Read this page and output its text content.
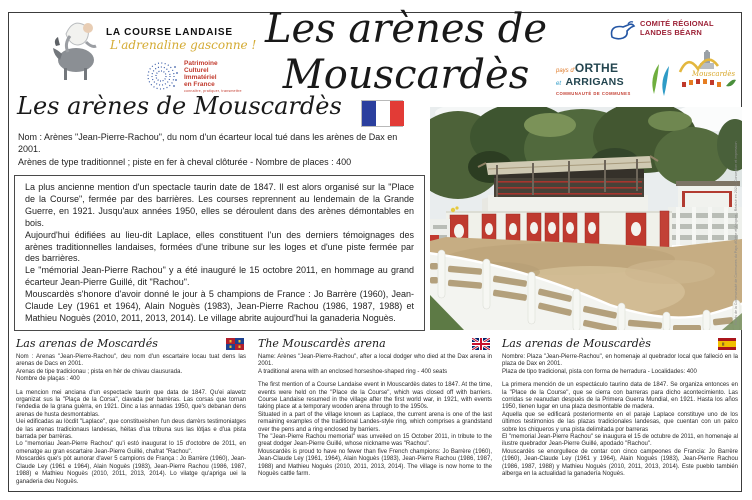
LA COURSE LANDAISE
L'adrenaline gasconne !
Patrimoine
Culturel
Immatériel
en France
connaître, pratiquer, transmettre
Les arènes de Mouscardès
COMITÉ RÉGIONAL
LANDES BÉARN
pays d'ORTHE
et ARRIGANS
COMMUNAUTÉ DE COMMUNES
Mouscardès
Les arènes de Mouscardès
Nom : Arènes "Jean-Pierre-Rachou", du nom d'un écarteur local tué dans les arènes de Dax en 2001.
Arènes de type traditionnel ; piste en fer à cheval clôturée - Nombre de places : 400

La plus ancienne mention d'un spectacle taurin date de 1847. Il est alors organisé sur la "Place de la Course", fermée par des barrières. Les courses reprennent au lendemain de la Grande Guerre, en 1921. Jusqu'aux années 1950, elles se déroulent dans des arènes démontables en bois.

Aujourd'hui édifiées au lieu-dit Laplace, elles constituent l'un des derniers témoignages des arènes traditionnelles landaises, formées d'une tribune sur les loges et d'une piste fermée par des barrières.

Le "mémorial Jean-Pierre Rachou" y a été inauguré le 15 octobre 2011, en hommage au grand écarteur Jean-Pierre Guillé, dit "Rachou".

Mouscardès s'honore d'avoir donné le jour à 5 champions de France : Jo Barrère (1960), Jean-Claude Ley (1961 et 1964), Alain Noguès (1983), Jean-Pierre Rachou (1986, 1987, 1988) et Mathieu Noguès (2010, 2011, 2013, 2014). Le village abrite aujourd'hui la ganaderia Noguès.	Fonds de la Communauté de Communes du Pays d'Orthe et Arrigans - Réalisé en 2024 - Conception et impression
Las arenas de Moscardés

Nom : Arenas "Jean-Pierre-Rachou", deu nom d'un escartaire locau tuat dens las arenas de Dacs en 2001.

Arenas de tipe tradicionau ; pista en hèr de chivau clausurada.

Nombre de plaças : 400

La mencion mei anciana d'un espectacle taurin que data de 1847. Qu'ei alavetz organizat sus la "Plaça de la Corsa", clavada per barrèras. Las corsas que tornan l'endedia de la grana guèrra, en 1921. Dinc a las annadas 1950, que's debanan dens arenas de husta desmontablas.

Uei edificadas au lòcdit "Laplace", que constitueishen l'un deus darrèrs testimoniatges de las arenas tradicionaus landesas, hèitas d'ua tribuna sus las lòtjas e d'ua pista barrada per barrèras.

Lo "memoriau Jean-Pierre Rachou" qu'i estó inaugurat lo 15 d'octobre de 2011, en omenatge au gran escartaire Jean-Pierre Guillé, chafrat "Rachou".

Moscardés que's pòt aunorar d'aver 5 campions de França : Jo Barrère (1960), Jean-Claude Ley (1961 e 1964), Alain Noguès (1983), Jean-Pierre Rachou (1986, 1987, 1988) e Mathieu Noguès (2010, 2011, 2013, 2014). Lo vilatge qu'apriga uei la ganaderia deu Noguès.

The Mouscardès arena

Name: Arènes "Jean-Pierre-Rachou", after a local dodger who died at the Dax arena in 2001.

A traditional arena with an enclosed horseshoe-shaped ring - 400 seats

The first mention of a Course Landaise event in Mouscardès dates to 1847. At the time, events were held on the "Place de la Course", which was closed off with barriers. Course Landaise resumed in the village after the first world war, in 1921, with events taking place at a temporary wooden arena through to the 1950s.

Situated in a part of the village known as Laplace, the current arena is one of the last remaining examples of the traditional Landes-style ring, which comprises a grandstand over the pens and a ring enclosed by barriers.

The "Jean-Pierre Rachou memorial" was unveiled on 15 October 2011, in tribute to the great dodger Jean-Pierre Guillé, whose nickname was "Rachou".

Mouscardès is proud to have no fewer than five French champions: Jo Barrère (1960), Jean-Claude Ley (1961, 1964), Alain Noguès (1983), Jean-Pierre Rachou (1986, 1987, 1988) and Mathieu Noguès (2010, 2011, 2013, 2014). The village is now home to the Noguès cattle farm.

Las arenas de Mouscardès

Nombre: Plaza "Jean-Pierre-Rachou", en homenaje al quebrador local que falleció en la plaza de Dax en 2001.

Plaza de tipo tradicional, pista con forma de herradura - Localidades: 400

La primera mención de un espectáculo taurino data de 1847. Se organiza entonces en la "Place de la Course", que se cierra con barreras para dicho acontecimiento. Las corridas se reanudan después de la Primera Guerra Mundial, en 1921. Hasta los años 1950, tienen lugar en una plaza desmontable de madera.

Aquella que se edificará posteriormente en el paraje Laplace constituye uno de los últimos testimonios de las plazas tradicionales landesas, que cuentan con un palco sobre los chiqueros y una pista delimitada por barreras

El "memorial Jean-Pierre Rachou" se inaugura el 15 de octubre de 2011, en homenaje al ilustre quebrador Jean-Pierre Guillé, apodado "Rachou".

Mouscardès se enorgullece de contar con cinco campeones de Francia: Jo Barrère (1960), Jean-Claude Ley (1961 y 1964), Alain Noguès (1983), Jean-Pierre Rachou (1986, 1987, 1988) y Mathieu Noguès (2010, 2011, 2013, 2014). Este pueblo también alberga en la actualidad la ganadería Noguès.
